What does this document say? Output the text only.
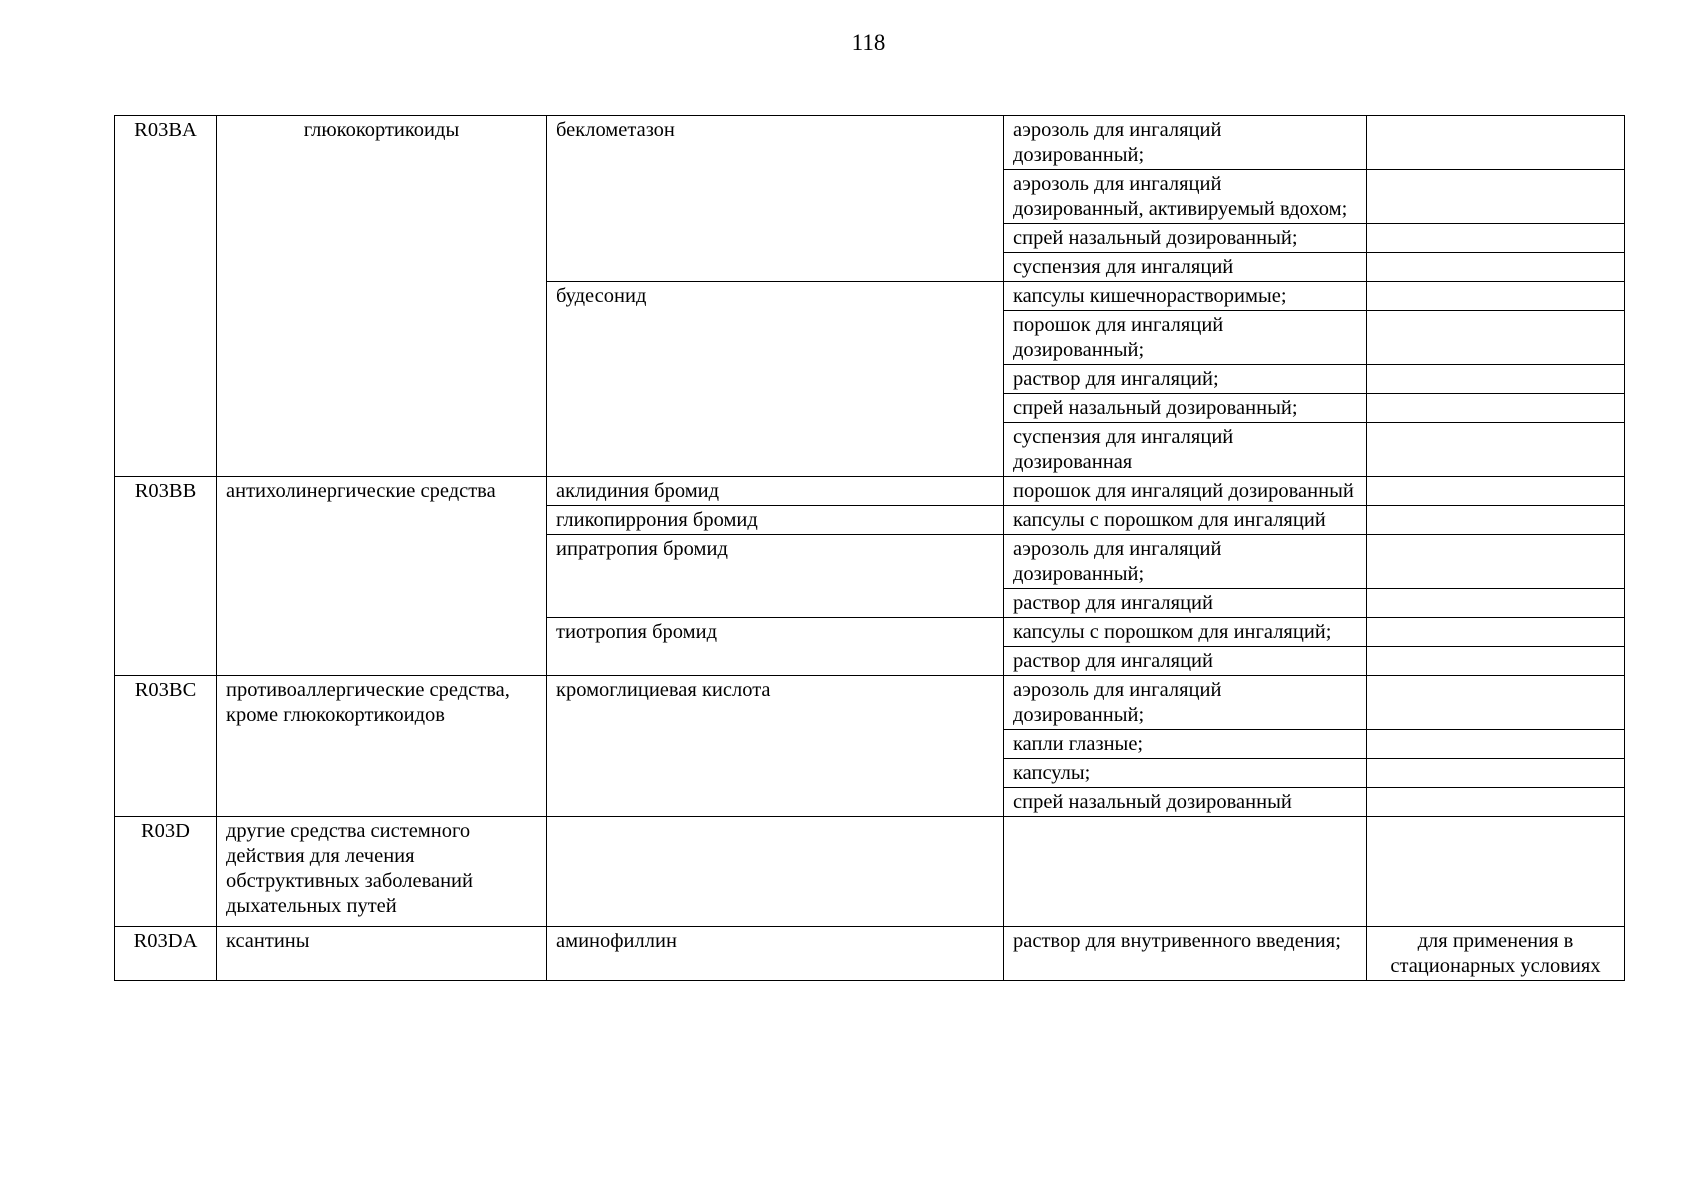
118
R03BA	глюкокортикоиды	беклометазон	аэрозоль для ингаляций дозированный;	
			аэрозоль для ингаляций дозированный, активируемый вдохом;	
			спрей назальный дозированный;	
			суспензия для ингаляций	
		будесонид	капсулы кишечнорастворимые;	
			порошок для ингаляций дозированный;	
			раствор для ингаляций;	
			спрей назальный дозированный;	
			суспензия для ингаляций дозированная	
R03BB	антихолинергические средства	аклидиния бромид	порошок для ингаляций дозированный	
		гликопиррония бромид	капсулы с порошком для ингаляций	
		ипратропия бромид	аэрозоль для ингаляций дозированный;	
			раствор для ингаляций	
		тиотропия бромид	капсулы с порошком для ингаляций;	
			раствор для ингаляций	
R03BC	противоаллергические средства, кроме глюкокортикоидов	кромоглициевая кислота	аэрозоль для ингаляций дозированный;	
			капли глазные;	
			капсулы;	
			спрей назальный дозированный	
R03D	другие средства системного действия для лечения обструктивных заболеваний дыхательных путей			
R03DA	ксантины	аминофиллин	раствор для внутривенного введения;	для применения в стационарных условиях
